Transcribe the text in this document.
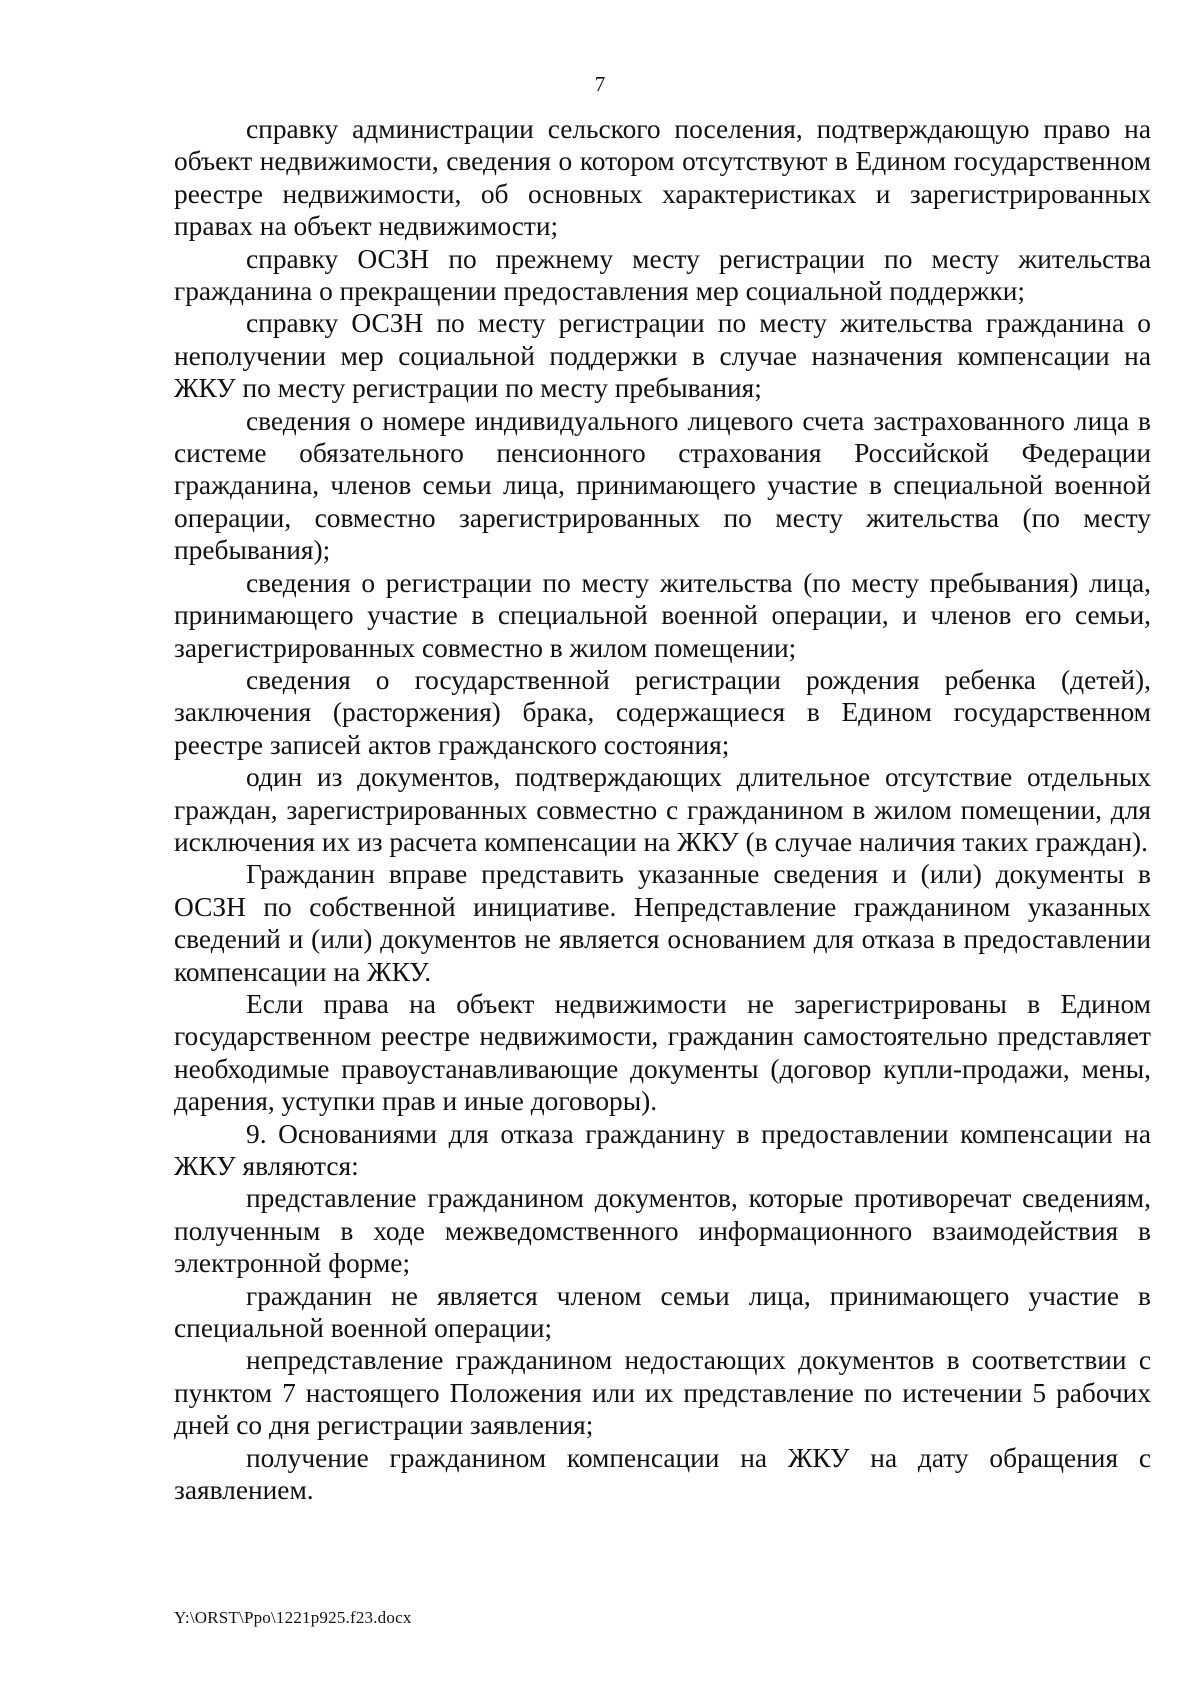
7

справку администрации сельского поселения, подтверждающую право на объект недвижимости, сведения о котором отсутствуют в Едином государственном реестре недвижимости, об основных характеристиках и зарегистрированных правах на объект недвижимости;

справку ОСЗН по прежнему месту регистрации по месту жительства гражданина о прекращении предоставления мер социальной поддержки;

справку ОСЗН по месту регистрации по месту жительства гражданина о неполучении мер социальной поддержки в случае назначения компенсации на ЖКУ по месту регистрации по месту пребывания;

сведения о номере индивидуального лицевого счета застрахованного лица в системе обязательного пенсионного страхования Российской Федерации гражданина, членов семьи лица, принимающего участие в специальной военной операции, совместно зарегистрированных по месту жительства (по месту пребывания);

сведения о регистрации по месту жительства (по месту пребывания) лица, принимающего участие в специальной военной операции, и членов его семьи, зарегистрированных совместно в жилом помещении;

сведения о государственной регистрации рождения ребенка (детей), заключения (расторжения) брака, содержащиеся в Едином государственном реестре записей актов гражданского состояния;

один из документов, подтверждающих длительное отсутствие отдельных граждан, зарегистрированных совместно с гражданином в жилом помещении, для исключения их из расчета компенсации на ЖКУ (в случае наличия таких граждан).

Гражданин вправе представить указанные сведения и (или) документы в ОСЗН по собственной инициативе. Непредставление гражданином указанных сведений и (или) документов не является основанием для отказа в предоставлении компенсации на ЖКУ.

Если права на объект недвижимости не зарегистрированы в Едином государственном реестре недвижимости, гражданин самостоятельно представляет необходимые правоустанавливающие документы (договор купли-продажи, мены, дарения, уступки прав и иные договоры).

9. Основаниями для отказа гражданину в предоставлении компенсации на ЖКУ являются:

представление гражданином документов, которые противоречат сведениям, полученным в ходе межведомственного информационного взаимодействия в электронной форме;

гражданин не является членом семьи лица, принимающего участие в специальной военной операции;

непредставление гражданином недостающих документов в соответствии с пунктом 7 настоящего Положения или их представление по истечении 5 рабочих дней со дня регистрации заявления;

получение гражданином компенсации на ЖКУ на дату обращения с заявлением.

Y:\ORST\Ppo\1221p925.f23.docx
